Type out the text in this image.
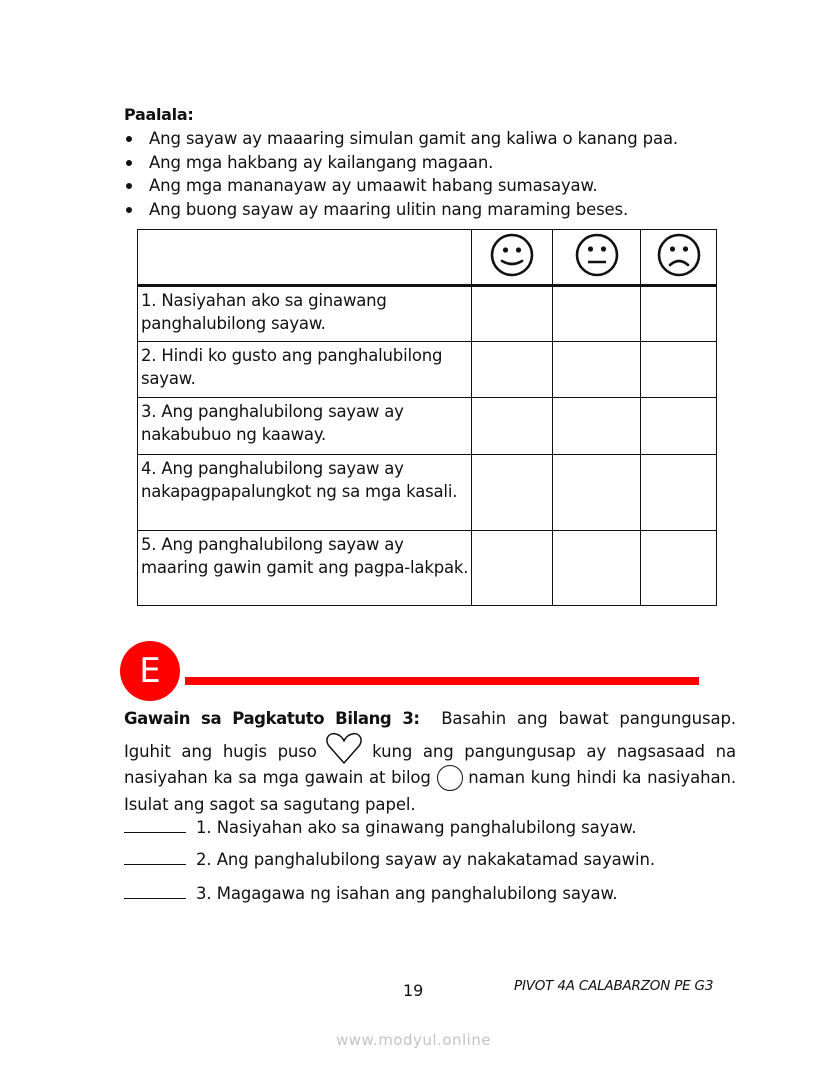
Paalala:
Ang sayaw ay maaaring simulan gamit ang kaliwa o kanang paa.
Ang mga hakbang ay kailangang magaan.
Ang mga mananayaw ay umaawit habang sumasayaw.
Ang buong sayaw ay maaring ulitin nang maraming beses.

1. Nasiyahan ako sa ginawang panghalubilong sayaw.			

2. Hindi ko gusto ang panghalubilong sayaw.			

3. Ang panghalubilong sayaw ay nakabubuo ng kaaway.			

4. Ang panghalubilong sayaw ay nakapagpapalungkot ng sa mga kasali.			

5. Ang panghalubilong sayaw ay maaring gawin gamit ang pagpa-lakpak.			

E
Gawain sa Pagkatuto Bilang 3: Basahin ang bawat pangungusap. Iguhit ang hugis puso	kung ang pangungusap ay nagsasaad na nasiyahan ka sa mga gawain at bilog naman kung hindi ka nasiyahan. Isulat ang sagot sa sagutang papel.
1. Nasiyahan ako sa ginawang panghalubilong sayaw.
2. Ang panghalubilong sayaw ay nakakatamad sayawin.
3. Magagawa ng isahan ang panghalubilong sayaw.
19	PIVOT 4A CALABARZON PE G3
www.modyul.online
